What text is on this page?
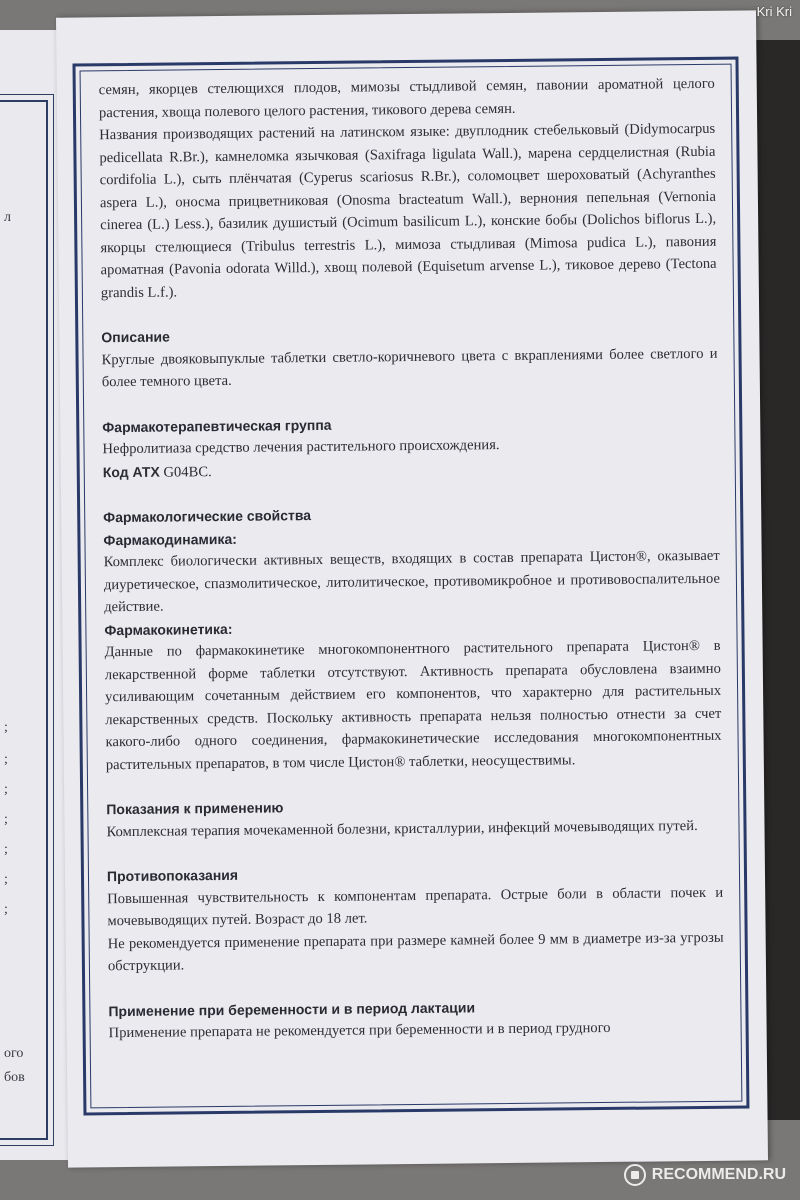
л
;
;
;
;
;
;
;
ого
бов

семян, якорцев стелющихся плодов, мимозы стыдливой семян, павонии ароматной целого растения, хвоща полевого целого растения, тикового дерева семян.

Названия производящих растений на латинском языке: двуплодник стебельковый (Didymocarpus pedicellata R.Br.), камнеломка язычковая (Saxifraga ligulata Wall.), марена сердцелистная (Rubia cordifolia L.), сыть плёнчатая (Cyperus scariosus R.Br.), соломоцвет шероховатый (Achyranthes aspera L.), оносма прицветниковая (Onosma bracteatum Wall.), вернония пепельная (Vernonia cinerea (L.) Less.), базилик душистый (Ocimum basilicum L.), конские бобы (Dolichos biflorus L.), якорцы стелющиеся (Tribulus terrestris L.), мимоза стыдливая (Mimosa pudica L.), павония ароматная (Pavonia odorata Willd.), хвощ полевой (Equisetum arvense L.), тиковое дерево (Tectona grandis L.f.).

Описание

Круглые двояковыпуклые таблетки светло-коричневого цвета с вкраплениями более светлого и более темного цвета.

Фармакотерапевтическая группа

Нефролитиаза средство лечения растительного происхождения.

Код АТХ G04BC.

Фармакологические свойства
Фармакодинамика:

Комплекс биологически активных веществ, входящих в состав препарата Цистон®, оказывает диуретическое, спазмолитическое, литолитическое, противомикробное и противовоспалительное действие.

Фармакокинетика:

Данные по фармакокинетике многокомпонентного растительного препарата Цистон® в лекарственной форме таблетки отсутствуют. Активность препарата обусловлена взаимно усиливающим сочетанным действием его компонентов, что характерно для растительных лекарственных средств. Поскольку активность препарата нельзя полностью отнести за счет какого-либо одного соединения, фармакокинетические исследования многокомпонентных растительных препаратов, в том числе Цистон® таблетки, неосуществимы.

Показания к применению

Комплексная терапия мочекаменной болезни, кристаллурии, инфекций мочевыводящих путей.

Противопоказания

Повышенная чувствительность к компонентам препарата. Острые боли в области почек и мочевыводящих путей. Возраст до 18 лет.

Не рекомендуется применение препарата при размере камней более 9 мм в диаметре из-за угрозы обструкции.

Применение при беременности и в период лактации

Применение препарата не рекомендуется при беременности и в период грудного

Kri Kri
RECOMMEND.RU
